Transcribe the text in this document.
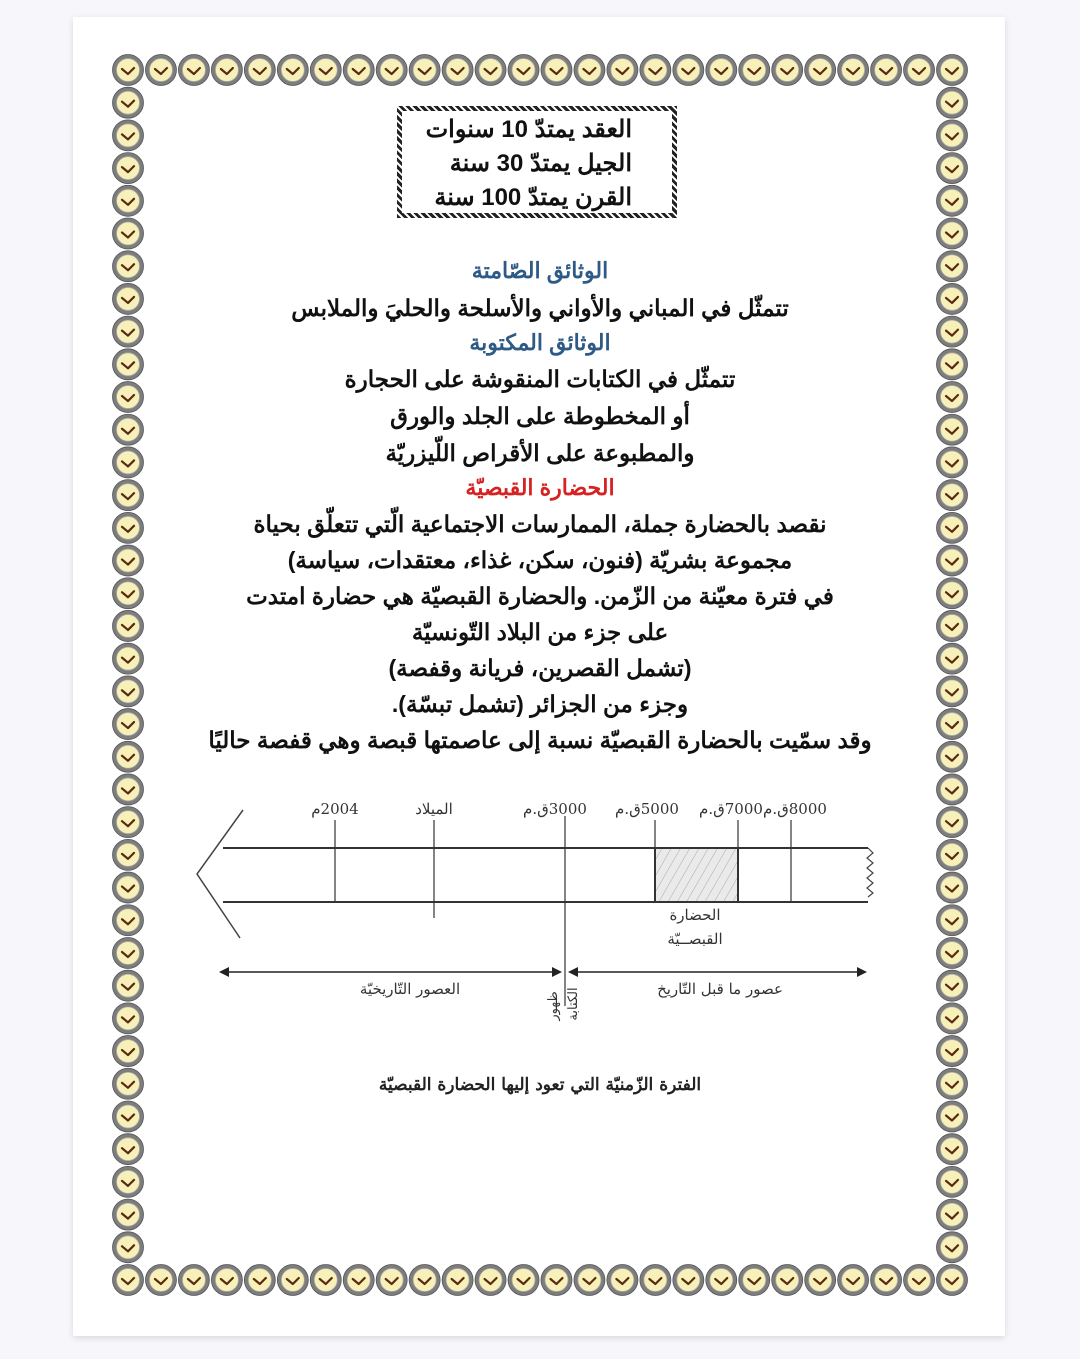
العقد يمتدّ 10 سنوات
الجيل يمتدّ 30 سنة
القرن يمتدّ 100 سنة
الوثائق الصّامتة
تتمثّل في المباني والأواني والأسلحة والحليَ والملابس
الوثائق المكتوبة
تتمثّل في الكتابات المنقوشة على الحجارة
أو المخطوطة على الجلد والورق
والمطبوعة على الأقراص اللّيزريّة
الحضارة القبصيّة
نقصد بالحضارة جملة، الممارسات الاجتماعية الّتي تتعلّق بحياة
مجموعة بشريّة (فنون، سكن، غذاء، معتقدات، سياسة)
في فترة معيّنة من الزّمن. والحضارة القبصيّة هي حضارة امتدت
على جزء من البلاد التّونسيّة
(تشمل القصرين، فريانة وقفصة)
وجزء من الجزائر (تشمل تبسّة).
وقد سمّيت بالحضارة القبصيّة نسبة إلى عاصمتها قبصة وهي قفصة حاليًا
2004م	الميلاد	3000ق.م 5000ق.م 7000ق.م 8000ق.م
الحضارة
القبصــيّة
العصور التّاريخيّة	عصور ما قبل التّاريخ
ظهور الكتابة
الفترة الزّمنيّة التي تعود إليها الحضارة القبصيّة
